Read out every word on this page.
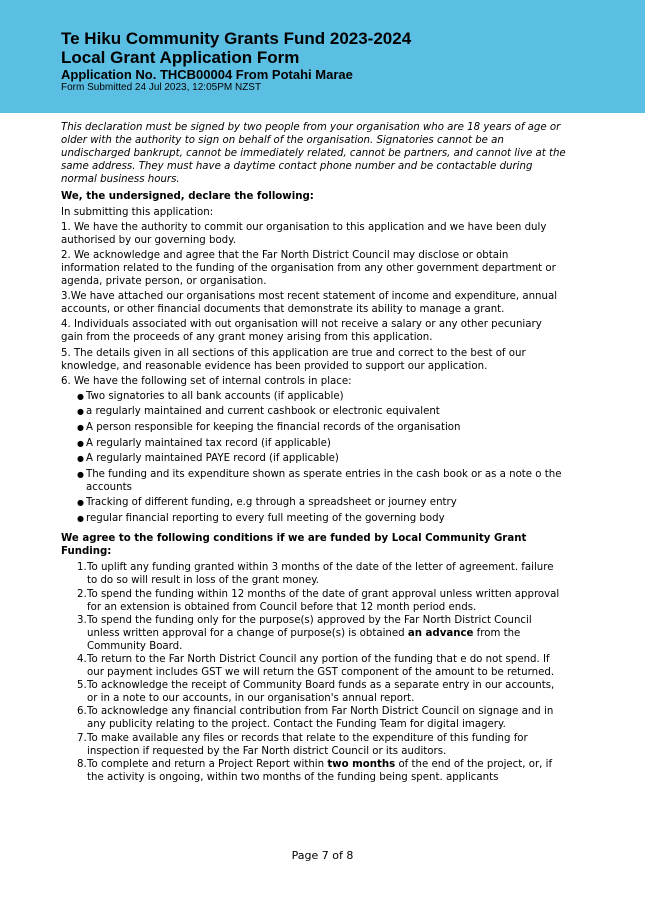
Te Hiku Community Grants Fund 2023-2024
Local Grant Application Form
Application No. THCB00004 From Potahi Marae
Form Submitted 24 Jul 2023, 12:05PM NZST

This declaration must be signed by two people from your organisation who are 18 years of age or older with the authority to sign on behalf of the organisation. Signatories cannot be an undischarged bankrupt, cannot be immediately related, cannot be partners, and cannot live at the same address. They must have a daytime contact phone number and be contactable during normal business hours.

We, the undersigned, declare the following:

In submitting this application:

1. We have the authority to commit our organisation to this application and we have been duly authorised by our governing body.

2. We acknowledge and agree that the Far North District Council may disclose or obtain information related to the funding of the organisation from any other government department or agenda, private person, or organisation.

3.We have attached our organisations most recent statement of income and expenditure, annual accounts, or other financial documents that demonstrate its ability to manage a grant.

4. Individuals associated with out organisation will not receive a salary or any other pecuniary gain from the proceeds of any grant money arising from this application.

5. The details given in all sections of this application are true and correct to the best of our knowledge, and reasonable evidence has been provided to support our application.

6. We have the following set of internal controls in place:

● Two signatories to all bank accounts (if applicable)
● a regularly maintained and current cashbook or electronic equivalent
● A person responsible for keeping the financial records of the organisation
● A regularly maintained tax record (if applicable)
● A regularly maintained PAYE record (if applicable)
● The funding and its expenditure shown as sperate entries in the cash book or as a note o the accounts
● Tracking of different funding, e.g through a spreadsheet or journey entry
● regular financial reporting to every full meeting of the governing body

We agree to the following conditions if we are funded by Local Community Grant Funding:

1. To uplift any funding granted within 3 months of the date of the letter of agreement. failure to do so will result in loss of the grant money.
2. To spend the funding within 12 months of the date of grant approval unless written approval for an extension is obtained from Council before that 12 month period ends.
3. To spend the funding only for the purpose(s) approved by the Far North District Council unless written approval for a change of purpose(s) is obtained an advance from the Community Board.
4. To return to the Far North District Council any portion of the funding that e do not spend. If our payment includes GST we will return the GST component of the amount to be returned.
5. To acknowledge the receipt of Community Board funds as a separate entry in our accounts, or in a note to our accounts, in our organisation's annual report.
6. To acknowledge any financial contribution from Far North District Council on signage and in any publicity relating to the project. Contact the Funding Team for digital imagery.
7. To make available any files or records that relate to the expenditure of this funding for inspection if requested by the Far North district Council or its auditors.
8. To complete and return a Project Report within two months of the end of the project, or, if the activity is ongoing, within two months of the funding being spent. applicants
Page 7 of 8
